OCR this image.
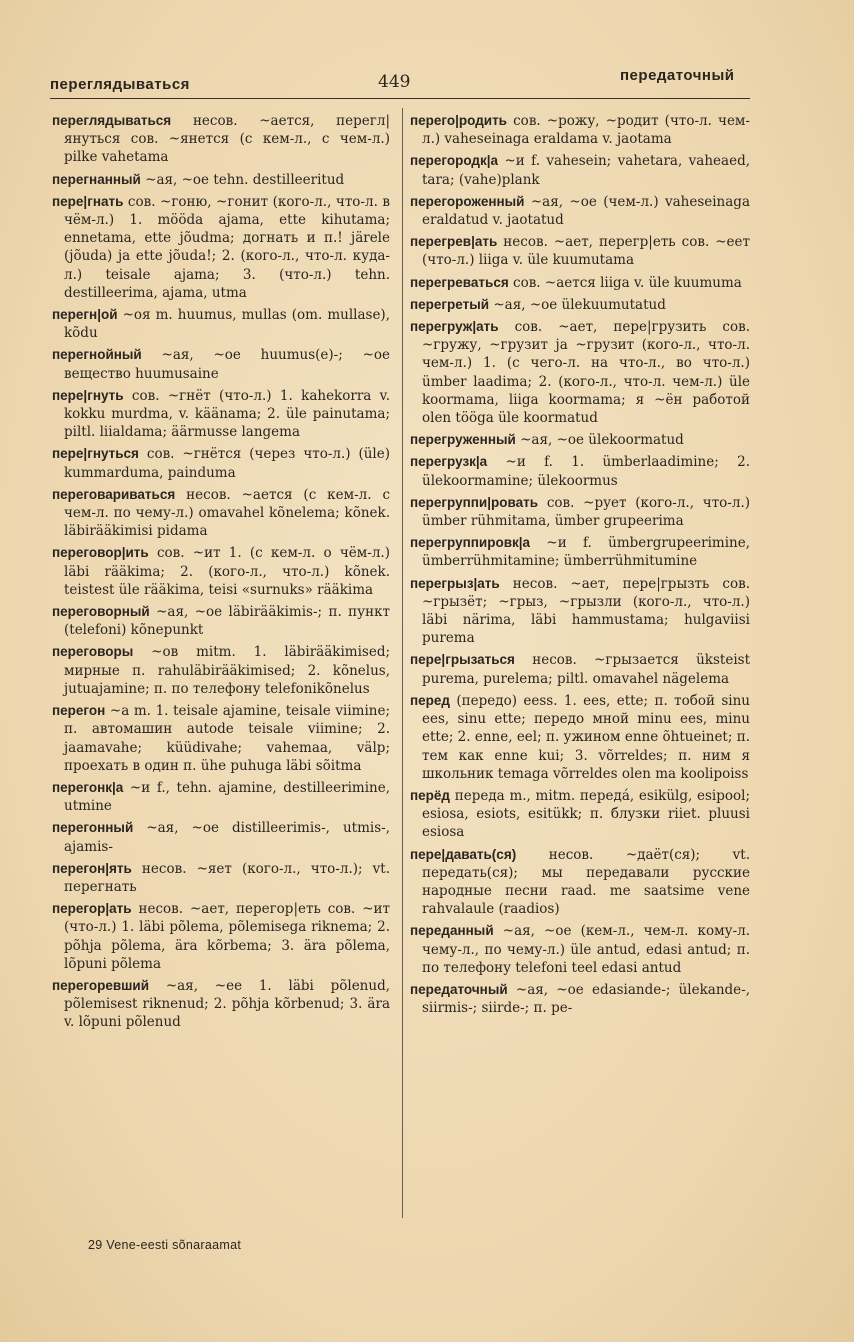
переглядываться	449	передаточный

переглядываться несов. ~ается, перегл|януться сов. ~янется (с кем-л., с чем-л.) pilke vahetama

перегнанный ~ая, ~ое tehn. destilleeritud

пере|гнать сов. ~гоню, ~гонит (кого-л., что-л. в чём-л.) 1. mööda ajama, ette kihutama; ennetama, ette jõudma; догнать и п.! järele (jõuda) ja ette jõuda!; 2. (кого-л., что-л. куда-л.) teisale ajama; 3. (что-л.) tehn. destilleerima, ajama, utma

перегн|ой ~оя m. huumus, mullas (om. mullase), kõdu

перегнойный ~ая, ~ое huumus(e)-; ~ое вещество huumusaine

пере|гнуть сов. ~гнёт (что-л.) 1. kahekorra v. kokku murdma, v. käänama; 2. üle painutama; piltl. liialdama; äärmusse langema

пере|гнуться сов. ~гнётся (через что-л.) (üle) kummarduma, painduma

переговариваться несов. ~ается (с кем-л. с чем-л. по чему-л.) omavahel kõnelema; kõnek. läbirääkimisi pidama

переговор|ить сов. ~ит 1. (с кем-л. о чём-л.) läbi rääkima; 2. (кого-л., что-л.) kõnek. teistest üle rääkima, teisi «surnuks» rääkima

переговорный ~ая, ~ое läbirääkimis-; п. пункт (telefoni) kõnepunkt

переговоры ~ов mitm. 1. läbirääkimised; мирные п. rahuläbirääkimised; 2. kõnelus, jutuajamine; п. по телефону telefonikõnelus

перегон ~а m. 1. teisale ajamine, teisale viimine; п. автомашин autode teisale viimine; 2. jaamavahe; küüdivahe; vahemaa, välp; проехать в один п. ühe puhuga läbi sõitma

перегонк|а ~и f., tehn. ajamine, destilleerimine, utmine

перегонный ~ая, ~ое distilleerimis-, utmis-, ajamis-

перегон|ять несов. ~яет (кого-л., что-л.); vt. перегнать

перегор|ать несов. ~ает, перегор|еть сов. ~ит (что-л.) 1. läbi põlema, põlemisega riknema; 2. põhja põlema, ära kõrbema; 3. ära põlema, lõpuni põlema

перегоревший ~ая, ~ее 1. läbi põlenud, põlemisest riknenud; 2. põhja kõrbenud; 3. ära v. lõpuni põlenud

перего|родить сов. ~рожу, ~родит (что-л. чем-л.) vaheseinaga eraldama v. jaotama

перегородк|а ~и f. vahesein; vahetara, vaheaed, tara; (vahe)plank

перегороженный ~ая, ~ое (чем-л.) vaheseinaga eraldatud v. jaotatud

перегрев|ать несов. ~ает, перегр|еть сов. ~еет (что-л.) liiga v. üle kuumutama

перегреваться сов. ~ается liiga v. üle kuumuma

перегретый ~ая, ~ое ülekuumutatud

перегруж|ать сов. ~ает, пере|грузить сов. ~гружу, ~грузит ja ~грузит (кого-л., что-л. чем-л.) 1. (с чего-л. на что-л., во что-л.) ümber laadima; 2. (кого-л., что-л. чем-л.) üle koormama, liiga koormama; я ~ён работой olen tööga üle koormatud

перегруженный ~ая, ~ое ülekoormatud

перегрузк|а ~и f. 1. ümberlaadimine; 2. ülekoormamine; ülekoormus

перегруппи|ровать сов. ~рует (кого-л., что-л.) ümber rühmitama, ümber grupeerima

перегруппировк|а ~и f. ümbergrupeerimine, ümberrühmitamine; ümberrühmitumine

перегрыз|ать несов. ~ает, пере|грызть сов. ~грызёт; ~грыз, ~грызли (кого-л., что-л.) läbi närima, läbi hammustama; hulgaviisi purema

пере|грызаться несов. ~грызается üksteist purema, purelema; piltl. omavahel nägelema

перед (передо) eess. 1. ees, ette; п. тобой sinu ees, sinu ette; передо мной minu ees, minu ette; 2. enne, eel; п. ужином enne õhtueinet; п. тем как enne kui; 3. võrreldes; п. ним я школьник temaga võrreldes olen ma koolipoiss

перёд переда m., mitm. передá, esikülg, esipool; esiosa, esiots, esitükk; п. блузки riiet. pluusi esiosa

пере|давать(ся) несов. ~даёт(ся); vt. передать(ся); мы передавали русские народные песни raad. me saatsime vene rahvalaule (raadios)

переданный ~ая, ~ое (кем-л., чем-л. кому-л. чему-л., по чему-л.) üle antud, edasi antud; п. по телефону telefoni teel edasi antud

передаточный ~ая, ~ое edasiande-; ülekande-, siirmis-; siirde-; п. pe-

29 Vene-eesti sõnaraamat
